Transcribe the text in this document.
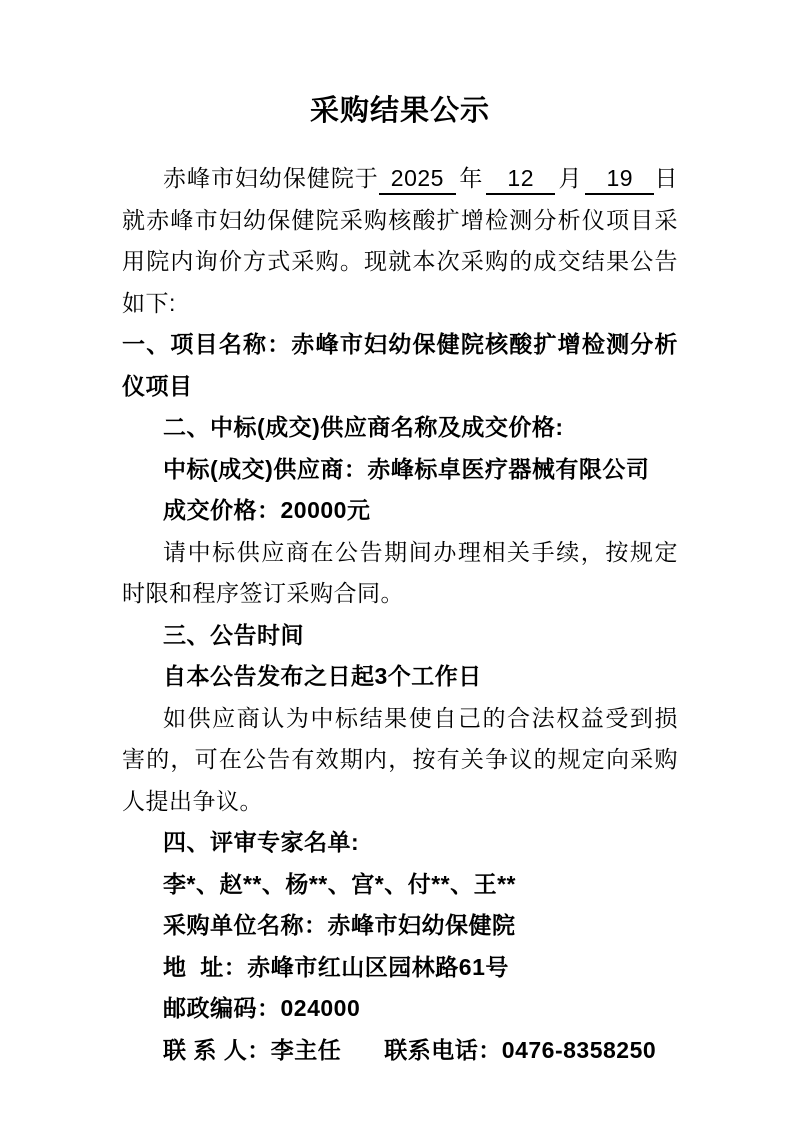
采购结果公示

赤峰市妇幼保健院于 2025 年 12 月 19 日就赤峰市妇幼保健院采购核酸扩增检测分析仪项目采用院内询价方式采购。现就本次采购的成交结果公告如下:

一、项目名称：赤峰市妇幼保健院核酸扩增检测分析仪项目

二、中标(成交)供应商名称及成交价格:

中标(成交)供应商：赤峰标卓医疗器械有限公司

成交价格：20000元

请中标供应商在公告期间办理相关手续，按规定时限和程序签订采购合同。

三、公告时间

自本公告发布之日起3个工作日

如供应商认为中标结果使自己的合法权益受到损害的，可在公告有效期内，按有关争议的规定向采购人提出争议。

四、评审专家名单:

李*、赵**、杨**、宫*、付**、王**

采购单位名称：赤峰市妇幼保健院

地  址：赤峰市红山区园林路61号

邮政编码：024000

联 系 人：李主任 联系电话：0476-8358250
